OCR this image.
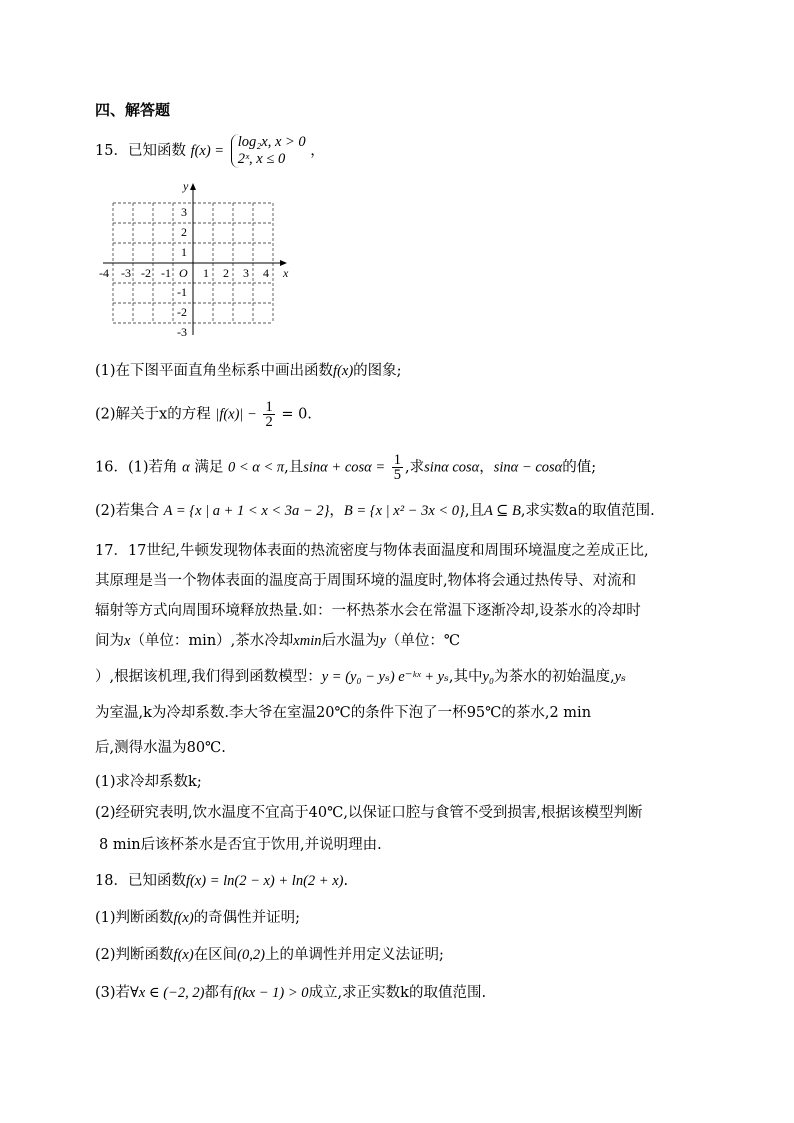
四、解答题
15．已知函数 f(x) =
log₂x, x > 0
2ˣ, x ≤ 0	，
x
y
O
-4 -3 -2 -1	1 2 3 4
3
2
1
-1
-2
-3
(1)在下图平面直角坐标系中画出函数f(x)的图象;
(2)解关于x的方程 $|f(x)| - \frac{1}{2} = 0$.
16．(1)若角 α 满足 0 < α < π,且$\sin\alpha + \cos\alpha = \frac{1}{5}$ ,求sinα cosα，sinα − cosα的值;
(2)若集合 A = {x | a + 1 < x < 3a − 2}，B = {x | x² − 3x < 0},且A ⊆ B,求实数a的取值范围.
17．17世纪,牛顿发现物体表面的热流密度与物体表面温度和周围环境温度之差成正比,
其原理是当一个物体表面的温度高于周围环境的温度时,物体将会通过热传导、对流和
辐射等方式向周围环境释放热量.如：一杯热茶水会在常温下逐渐冷却,设茶水的冷却时
间为x（单位：min）,茶水冷却xmin后水温为y（单位：℃
）,根据该机理,我们得到函数模型：y = (y₀ − yₛ) e⁻ᵏˣ + yₛ,其中y₀为茶水的初始温度,yₛ
为室温,k为冷却系数.李大爷在室温20℃的条件下泡了一杯95℃的茶水,2 min
后,测得水温为80℃.
(1)求冷却系数k;
(2)经研究表明,饮水温度不宜高于40℃,以保证口腔与食管不受到损害,根据该模型判断
8 min后该杯茶水是否宜于饮用,并说明理由.
18．已知函数f(x) = ln(2 − x) + ln(2 + x).
(1)判断函数f(x)的奇偶性并证明;
(2)判断函数f(x)在区间(0,2)上的单调性并用定义法证明;
(3)若∀x ∈ (−2, 2)都有f(kx − 1) > 0成立,求正实数k的取值范围.
